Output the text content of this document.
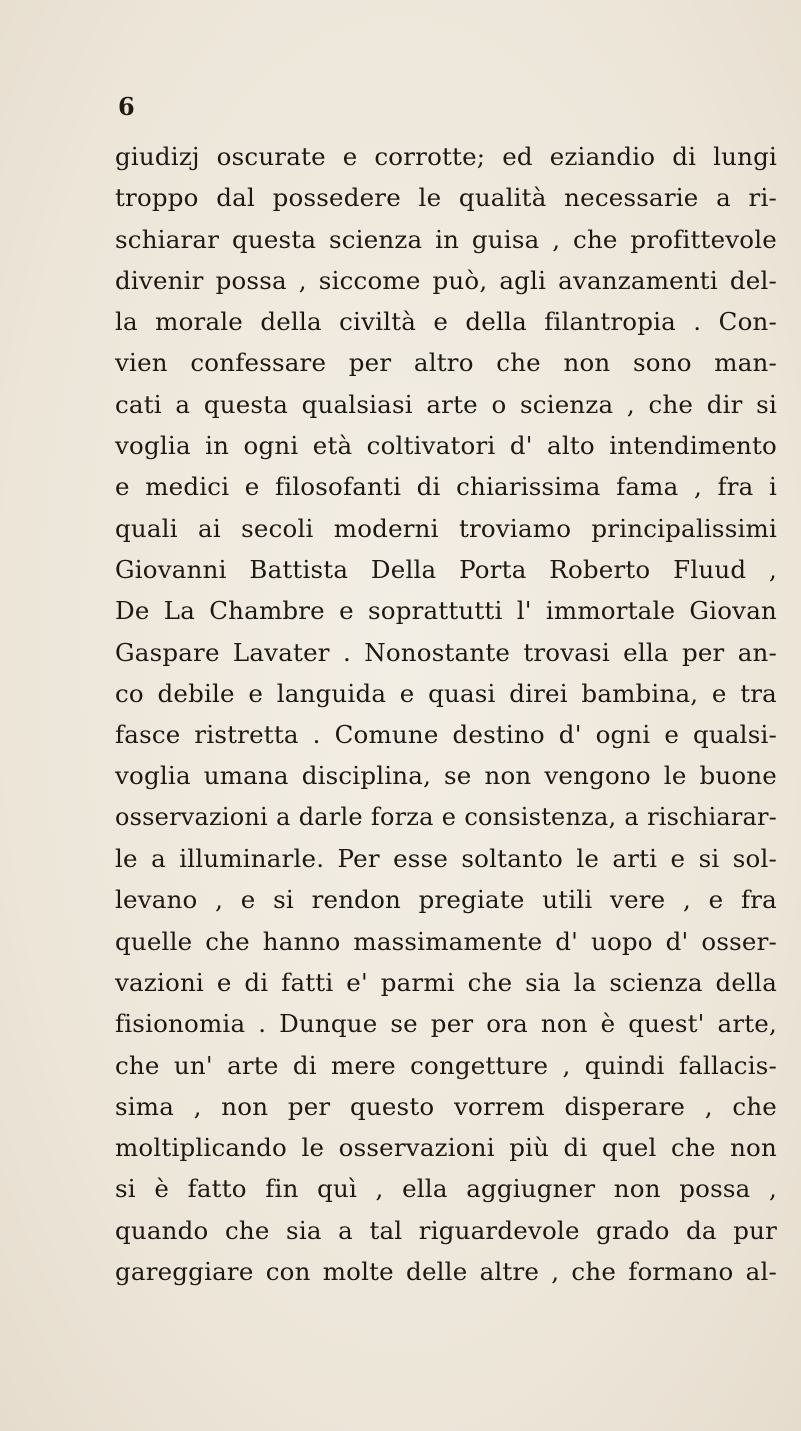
6
giudizj oscurate e corrotte; ed eziandio di lungi
troppo dal possedere le qualità necessarie a ri-
schiarar questa scienza in guisa , che profittevole
divenir possa , siccome può, agli avanzamenti del-
la morale della civiltà e della filantropia . Con-
vien confessare per altro che non sono man-
cati a questa qualsiasi arte o scienza , che dir si
voglia in ogni età coltivatori d' alto intendimento
e medici e filosofanti di chiarissima fama , fra i
quali ai secoli moderni troviamo principalissimi
Giovanni Battista Della Porta Roberto Fluud ,
De La Chambre e soprattutti l' immortale Giovan
Gaspare Lavater . Nonostante trovasi ella per an-
co debile e languida e quasi direi bambina, e tra
fasce ristretta . Comune destino d' ogni e qualsi-
voglia umana disciplina, se non vengono le buone
osservazioni a darle forza e consistenza, a rischiarar-
le a illuminarle. Per esse soltanto le arti e si sol-
levano , e si rendon pregiate utili vere , e fra
quelle che hanno massimamente d' uopo d' osser-
vazioni e di fatti e' parmi che sia la scienza della
fisionomia . Dunque se per ora non è quest' arte,
che un' arte di mere congetture , quindi fallacis-
sima , non per questo vorrem disperare , che
moltiplicando le osservazioni più di quel che non
si è fatto fin quì , ella aggiugner non possa ,
quando che sia a tal riguardevole grado da pur
gareggiare con molte delle altre , che formano al-
